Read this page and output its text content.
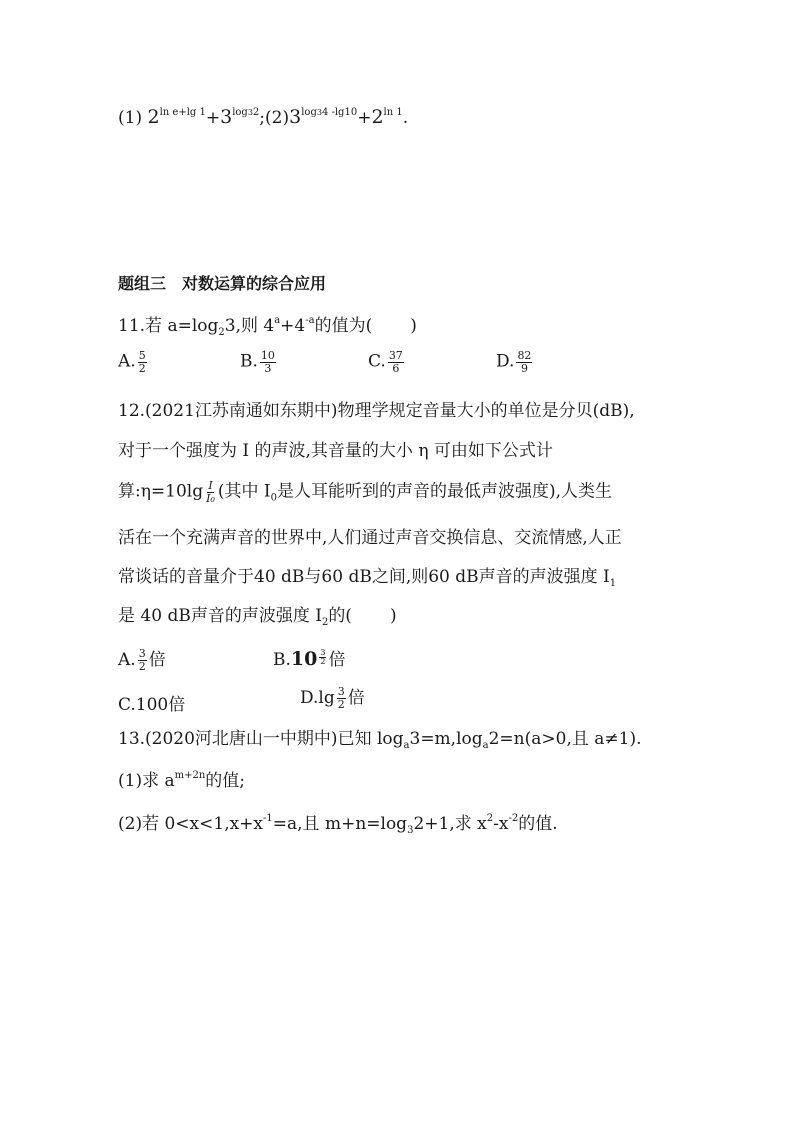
(1) $2^{ln e+lg 1}+3^{log32};(2)3^{log34 -lg10}+2^{ln 1}$.
题组三　对数运算的综合应用
11.若 $a=\log_23$,则 $4^a+4^{-a}$的值为( )
A. $\frac{5}{2}$	B. $\frac{10}{3}$	C. $\frac{37}{6}$	D. $\frac{82}{9}$
12.(2021江苏南通如东期中)物理学规定音量大小的单位是分贝(dB),
对于一个强度为 I 的声波,其音量的大小 η 可由如下公式计
算:η=10lg $\frac{I}{\text{I₀}}$ (其中 $I_0$是人耳能听到的声音的最低声波强度),人类生
活在一个充满声音的世界中,人们通过声音交换信息、交流情感,人正
常谈话的音量介于40 dB与60 dB之间,则60 dB声音的声波强度 $I_1$
是 40 dB声音的声波强度 $I_2$的( )
A. $\frac{3}{2}$ 倍	$B.10 \frac{3}{2}$ 倍
C.100倍	$D.\lg \frac{3}{2}$ 倍
13.(2020河北唐山一中期中)已知 $\log_a3=m,\log_a2=n(a>0$,且 a≠1).
(1)求 $a^{m+2n}$的值;
(2)若 $0<x<1,x+x^{-1}=a$,且 $m+n=\log_32+1$,求 $x^2-x^{-2}$的值.
